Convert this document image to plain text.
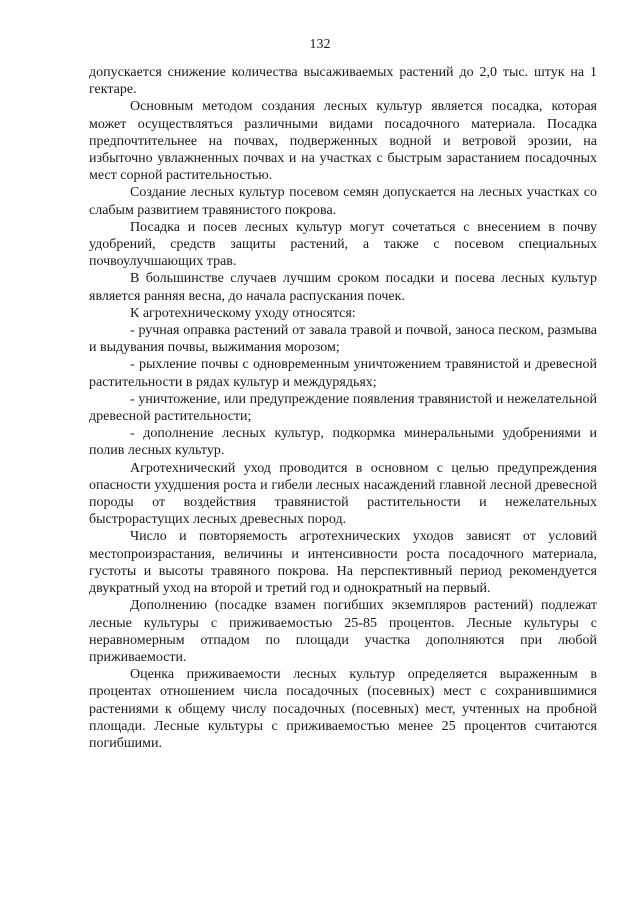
132

допускается снижение количества высаживаемых растений до 2,0 тыс. штук на 1 гектаре.

Основным методом создания лесных культур является посадка, которая может осуществляться различными видами посадочного материала. Посадка предпочтительнее на почвах, подверженных водной и ветровой эрозии, на избыточно увлажненных почвах и на участках с быстрым зарастанием посадочных мест сорной растительностью.

Создание лесных культур посевом семян допускается на лесных участках со слабым развитием травянистого покрова.

Посадка и посев лесных культур могут сочетаться с внесением в почву удобрений, средств защиты растений, а также с посевом специальных почвоулучшающих трав.

В большинстве случаев лучшим сроком посадки и посева лесных культур является ранняя весна, до начала распускания почек.

К агротехническому уходу относятся:

- ручная оправка растений от завала травой и почвой, заноса песком, размыва и выдувания почвы, выжимания морозом;

- рыхление почвы с одновременным уничтожением травянистой и древесной растительности в рядах культур и междурядьях;

- уничтожение, или предупреждение появления травянистой и нежелательной древесной растительности;

- дополнение лесных культур, подкормка минеральными удобрениями и полив лесных культур.

Агротехнический уход проводится в основном с целью предупреждения опасности ухудшения роста и гибели лесных насаждений главной лесной древесной породы от воздействия травянистой растительности и нежелательных быстрорастущих лесных древесных пород.

Число и повторяемость агротехнических уходов зависят от условий местопроизрастания, величины и интенсивности роста посадочного материала, густоты и высоты травяного покрова. На перспективный период рекомендуется двукратный уход на второй и третий год и однократный на первый.

Дополнению (посадке взамен погибших экземпляров растений) подлежат лесные культуры с приживаемостью 25-85 процентов. Лесные культуры с неравномерным отпадом по площади участка дополняются при любой приживаемости.

Оценка приживаемости лесных культур определяется выраженным в процентах отношением числа посадочных (посевных) мест с сохранившимися растениями к общему числу посадочных (посевных) мест, учтенных на пробной площади. Лесные культуры с приживаемостью менее 25 процентов считаются погибшими.
